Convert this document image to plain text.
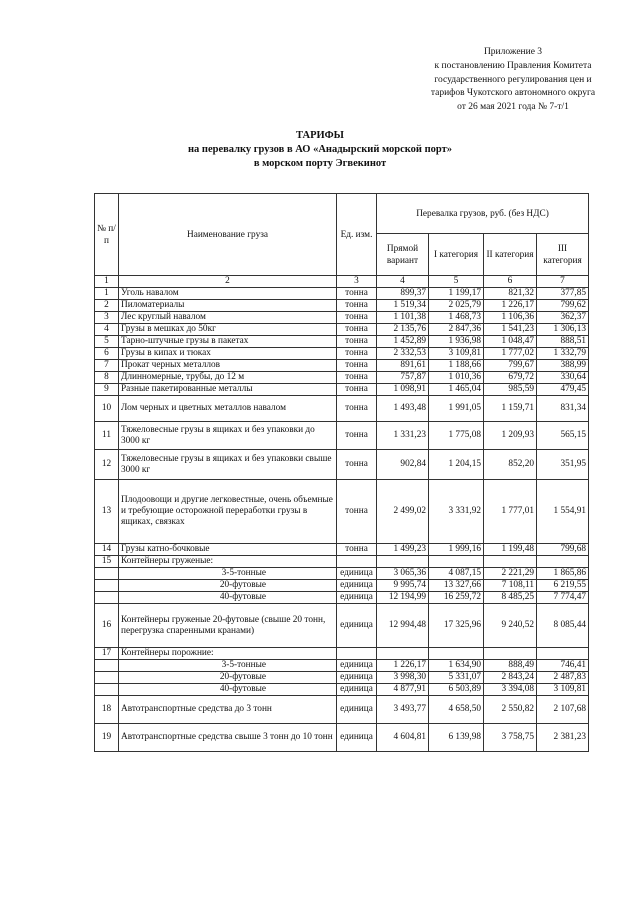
Приложение 3
к постановлению Правления Комитета
государственного регулирования цен и
тарифов Чукотского автономного округа
от 26 мая 2021 года № 7-т/1
ТАРИФЫ
на перевалку грузов в АО «Анадырский морской порт»
в морском порту Эгвекинот
№ п/п	Наименование груза	Ед. изм.	Перевалка грузов, руб. (без НДС)			
			Прямой вариант	I категория	II категория	III категория
1	2	3	4	5	6	7
1	Уголь навалом	тонна	899,37	1 199,17	821,32	377,85
2	Пиломатериалы	тонна	1 519,34	2 025,79	1 226,17	799,62
3	Лес круглый навалом	тонна	1 101,38	1 468,73	1 106,36	362,37
4	Грузы в мешках до 50кг	тонна	2 135,76	2 847,36	1 541,23	1 306,13
5	Тарно-штучные грузы в пакетах	тонна	1 452,89	1 936,98	1 048,47	888,51
6	Грузы в кипах и тюках	тонна	2 332,53	3 109,81	1 777,02	1 332,79
7	Прокат черных металлов	тонна	891,61	1 188,66	799,67	388,99
8	Длинномерные, трубы, до 12 м	тонна	757,87	1 010,36	679,72	330,64
9	Разные пакетированные металлы	тонна	1 098,91	1 465,04	985,59	479,45
10	Лом черных и цветных металлов навалом	тонна	1 493,48	1 991,05	1 159,71	831,34
11	Тяжеловесные грузы в ящиках и без упаковки до 3000 кг	тонна	1 331,23	1 775,08	1 209,93	565,15
12	Тяжеловесные грузы в ящиках и без упаковки свыше 3000 кг	тонна	902,84	1 204,15	852,20	351,95
13	Плодоовощи и другие легковестные, очень объемные и требующие осторожной переработки грузы в ящиках, связках	тонна	2 499,02	3 331,92	1 777,01	1 554,91
14	Грузы катно-бочковые	тонна	1 499,23	1 999,16	1 199,48	799,68
15	Контейнеры груженые:					
	3-5-тонные	единица	3 065,36	4 087,15	2 221,29	1 865,86
	20-футовые	единица	9 995,74	13 327,66	7 108,11	6 219,55
	40-футовые	единица	12 194,99	16 259,72	8 485,25	7 774,47
16	Контейнеры груженые 20-футовые (свыше 20 тонн, перегрузка спаренными кранами)	единица	12 994,48	17 325,96	9 240,52	8 085,44
17	Контейнеры порожние:					
	3-5-тонные	единица	1 226,17	1 634,90	888,49	746,41
	20-футовые	единица	3 998,30	5 331,07	2 843,24	2 487,83
	40-футовые	единица	4 877,91	6 503,89	3 394,08	3 109,81
18	Автотранспортные средства до 3 тонн	единица	3 493,77	4 658,50	2 550,82	2 107,68
19	Автотранспортные средства свыше 3 тонн до 10 тонн	единица	4 604,81	6 139,98	3 758,75	2 381,23
